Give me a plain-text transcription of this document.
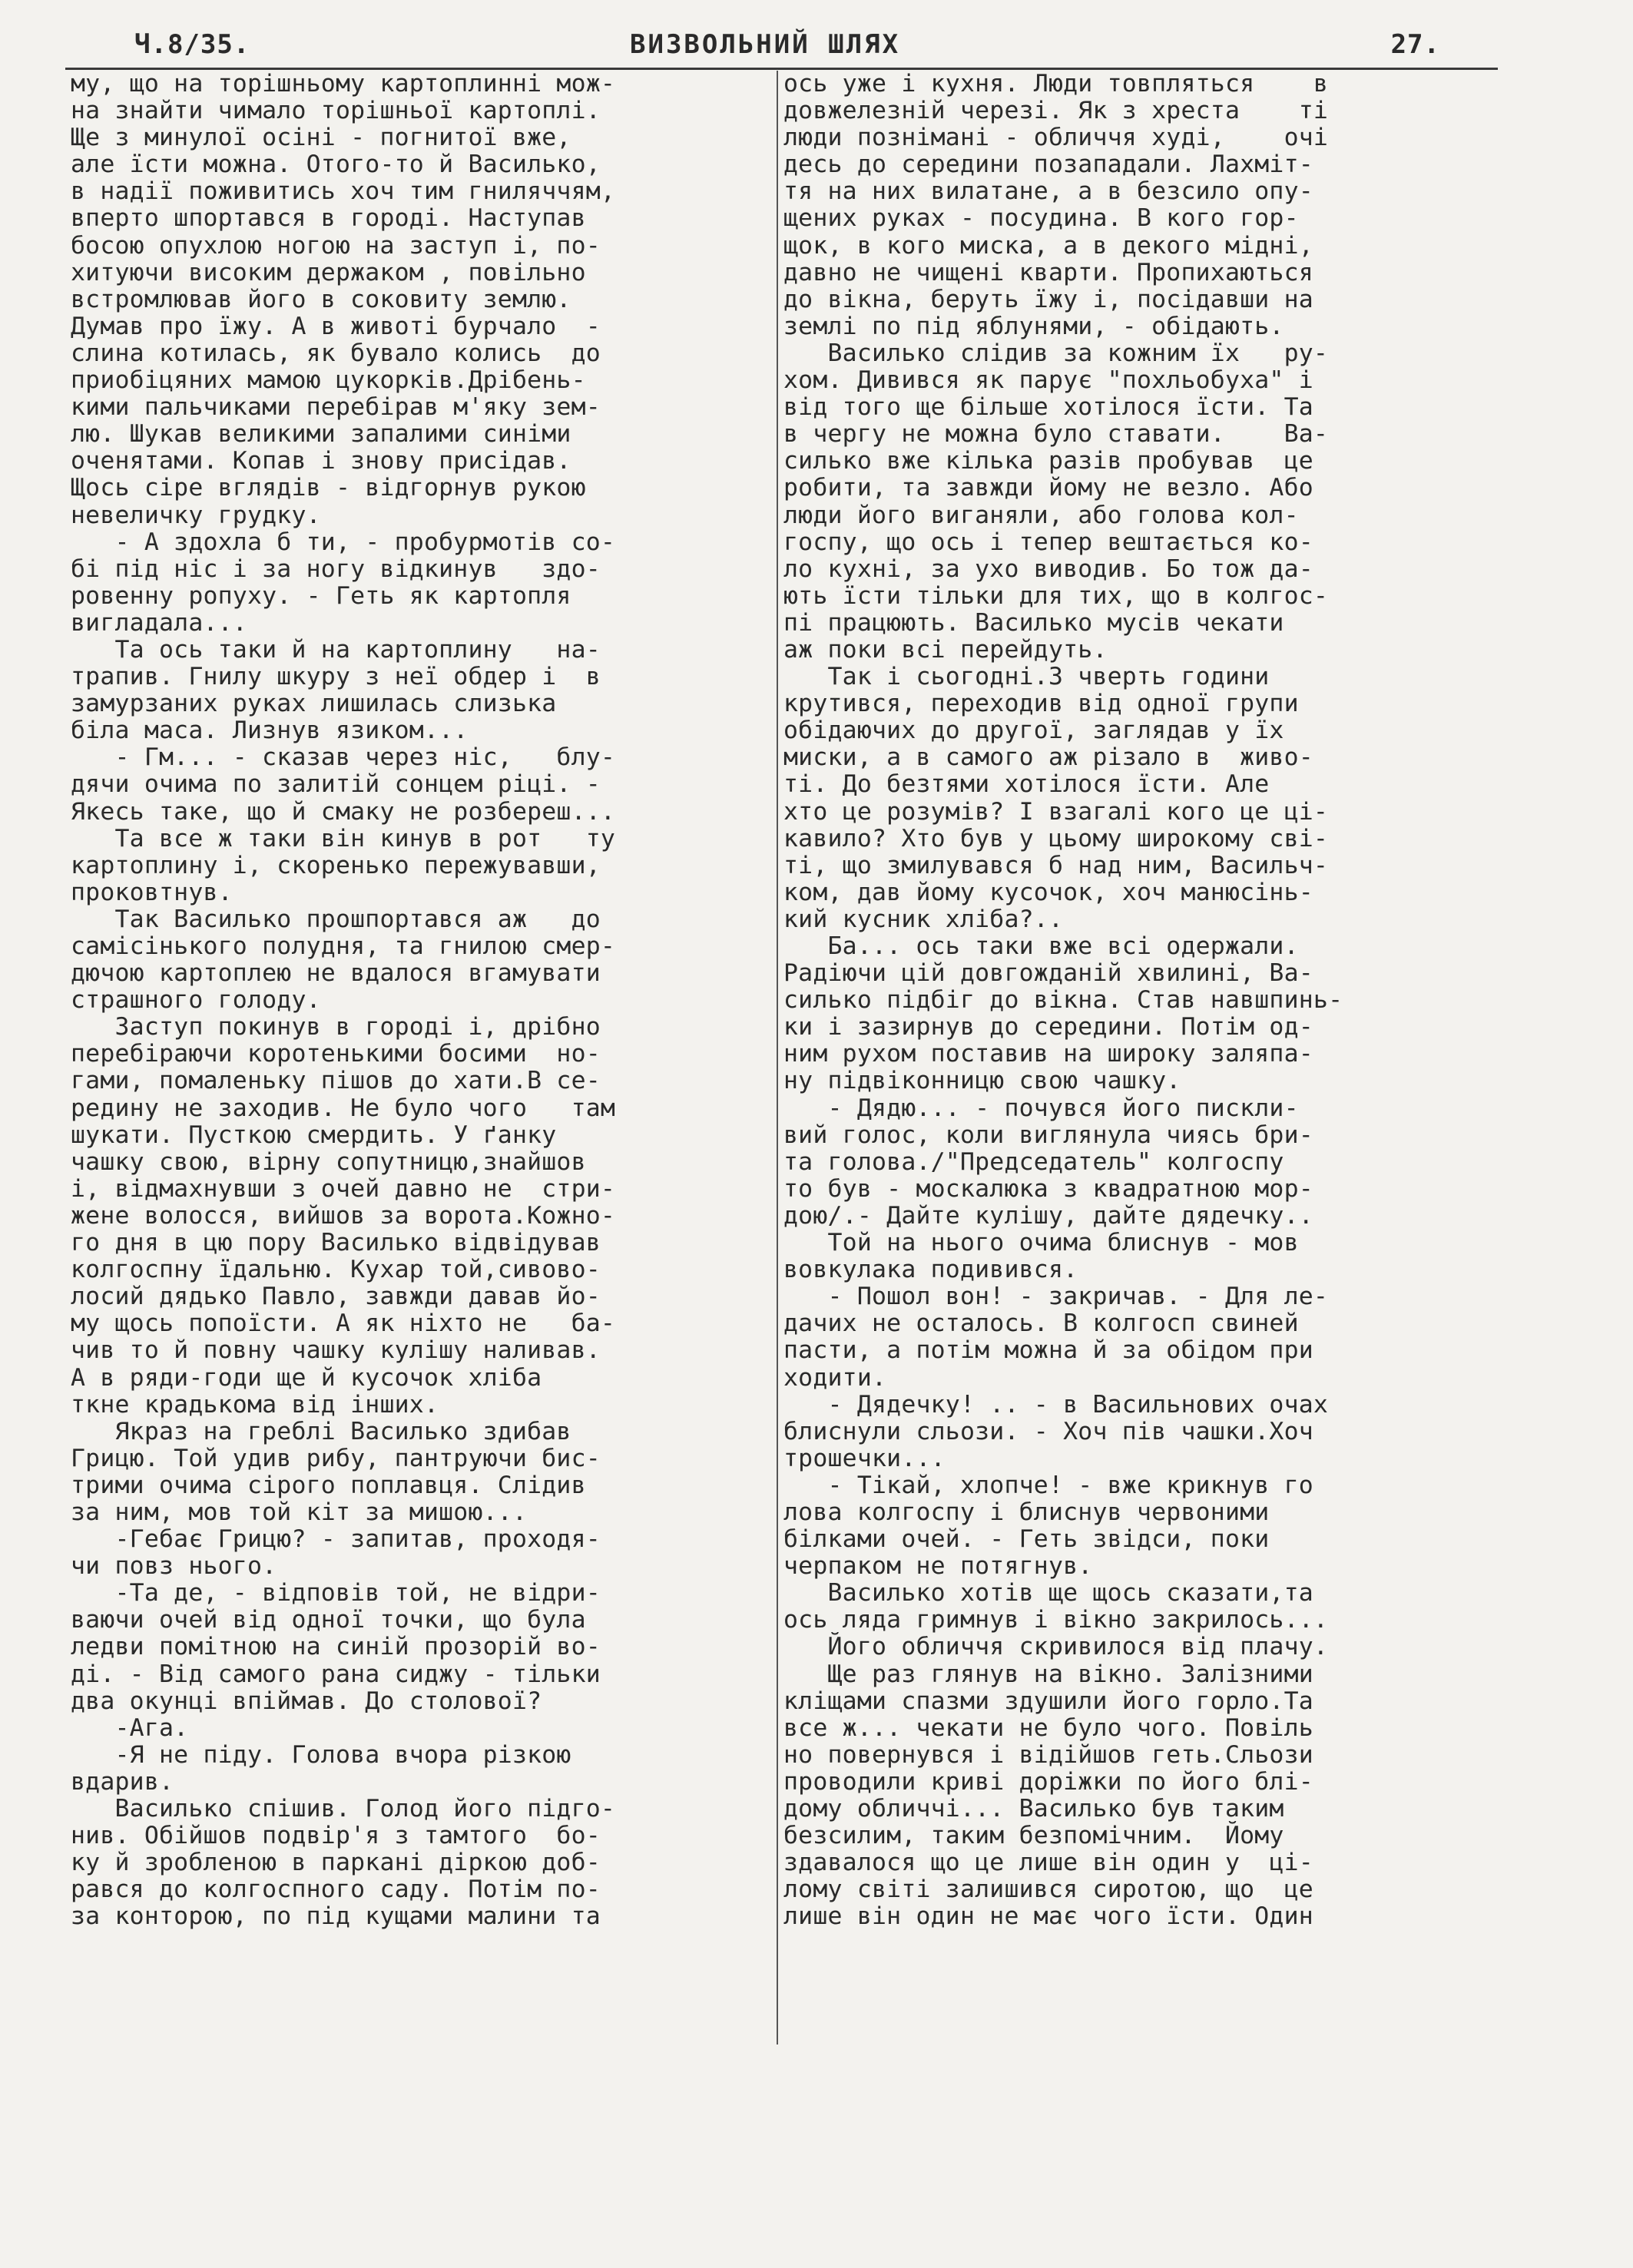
Ч.8/35.	ВИЗВОЛЬНИЙ ШЛЯХ	27.
му, що на торішньому картоплинні мож-
на знайти чимало торішньої картоплі.
Ще з минулої осіні - погнитої вже,
але їсти можна. Отого-то й Василько,
в надії поживитись хоч тим гниляччям,
вперто шпортався в городі. Наступав
босою опухлою ногою на заступ і, по-
хитуючи високим держаком , повільно
встромлював його в соковиту землю.
Думав про їжу. А в животі бурчало  -
слина котилась, як бувало колись  до
приобіцяних мамою цукорків.Дрібень-
кими пальчиками перебірав м'яку зем-
лю. Шукав великими запалими синіми
оченятами. Копав і знову присідав.
Щось сіре вглядів - відгорнув рукою
невеличку грудку.
- А здохла б ти, - пробурмотів со-
бі під ніс і за ногу відкинув   здо-
ровенну ропуху. - Геть як картопля
вигладала...
Та ось таки й на картоплину   на-
трапив. Гнилу шкуру з неї обдер і  в
замурзаних руках лишилась слизька
біла маса. Лизнув язиком...
- Гм... - сказав через ніс,   блу-
дячи очима по залитій сонцем ріці. -
Якесь таке, що й смаку не розбереш...
Та все ж таки він кинув в рот   ту
картоплину і, скоренько пережувавши,
проковтнув.
Так Василько прошпортався аж   до
самісінького полудня, та гнилою смер-
дючою картоплею не вдалося вгамувати
страшного голоду.
Заступ покинув в городі і, дрібно
перебіраючи коротенькими босими  но-
гами, помаленьку пішов до хати.В се-
редину не заходив. Не було чого   там
шукати. Пусткою смердить. У ґанку
чашку свою, вірну сопутницю,знайшов
і, відмахнувши з очей давно не  стри-
жене волосся, вийшов за ворота.Кожно-
го дня в цю пору Василько відвідував
колгоспну їдальню. Кухар той,сивово-
лосий дядько Павло, завжди давав йо-
му щось попоїсти. А як ніхто не   ба-
чив то й повну чашку кулішу наливав.
А в ряди-годи ще й кусочок хліба
ткне крадькома від інших.
Якраз на греблі Василько здибав
Грицю. Той удив рибу, пантруючи бис-
трими очима сірого поплавця. Слідив
за ним, мов той кіт за мишою...
-Гебає Грицю? - запитав, проходя-
чи повз нього.
-Та де, - відповів той, не відри-
ваючи очей від одної точки, що була
ледви помітною на синій прозорій во-
ді. - Від самого рана сиджу - тільки
два окунці впіймав. До столової?
-Ага.
-Я не піду. Голова вчора різкою
вдарив.
Василько спішив. Голод його підго-
нив. Обійшов подвір'я з тамтого  бо-
ку й зробленою в паркані діркою доб-
рався до колгоспного саду. Потім по-
за конторою, по під кущами малини та
ось уже і кухня. Люди товпляться    в
довжелезній черезі. Як з хреста    ті
люди позніманi - обличчя худі,    очі
десь до середини позападали. Лахміт-
тя на них вилатане, а в безсило опу-
щених руках - посудина. В кого гор-
щок, в кого миска, а в декого мідні,
давно не чищені кварти. Пропихаються
до вікна, беруть їжу і, посідавши на
землі по під яблунями, - обідають.
Василько слідив за кожним їх   ру-
хом. Дивився як парує "похльобуха" і
від того ще більше хотілося їсти. Та
в чергу не можна було ставати.    Ва-
силько вже кілька разів пробував  це
робити, та завжди йому не везло. Або
люди його виганяли, або голова кол-
госпу, що ось і тепер вештається ко-
ло кухні, за ухо виводив. Бо тож да-
ють їсти тільки для тих, що в колгос-
пі працюють. Василько мусів чекати
аж поки всі перейдуть.
Так і сьогодні.З чверть години
крутився, переходив від одної групи
обідаючих до другої, заглядав у їх
миски, а в самого аж різало в  живо-
ті. До безтями хотілося їсти. Але
хто це розумів? І взагалі кого це ці-
кавило? Хто був у цьому широкому сві-
ті, що змилувався б над ним, Васильч-
ком, дав йому кусочок, хоч манюсінь-
кий кусник хліба?..
Ба... ось таки вже всі одержали.
Радіючи цій довгожданій хвилині, Ва-
силько підбіг до вікна. Став навшпинь-
ки і зазирнув до середини. Потім од-
ним рухом поставив на широку заляпа-
ну підвіконницю свою чашку.
- Дядю... - почувся його пискли-
вий голос, коли виглянула чиясь бри-
та голова./"Председатель" колгоспу
то був - москалюка з квадратною мор-
дою/.- Дайте кулішу, дайте дядечку..
Той на нього очима блиснув - мов
вовкулака подивився.
- Пошол вон! - закричав. - Для ле-
дачих не осталось. В колгосп свиней
пасти, а потім можна й за обідом при
ходити.
- Дядечку! .. - в Васильнових очах
блиснули сльози. - Хоч пів чашки.Хоч
трошечки...
- Тікай, хлопче! - вже крикнув го
лова колгоспу і блиснув червоними
білками очей. - Геть звідси, поки
черпаком не потягнув.
Василько хотів ще щось сказати,та
ось ляда гримнув і вікно закрилось...
Його обличчя скривилося від плачу.
Ще раз глянув на вікно. Залізними
кліщами спазми здушили його горло.Та
все ж... чекати не було чого. Повіль
но повернувся і відійшов геть.Сльози
проводили криві доріжки по його блі-
дому обличчі... Василько був таким
безсилим, таким безпомічним.  Йому
здавалося що це лише він один у  ці-
лому світі залишився сиротою, що  це
лише він один не має чого їсти. Один
